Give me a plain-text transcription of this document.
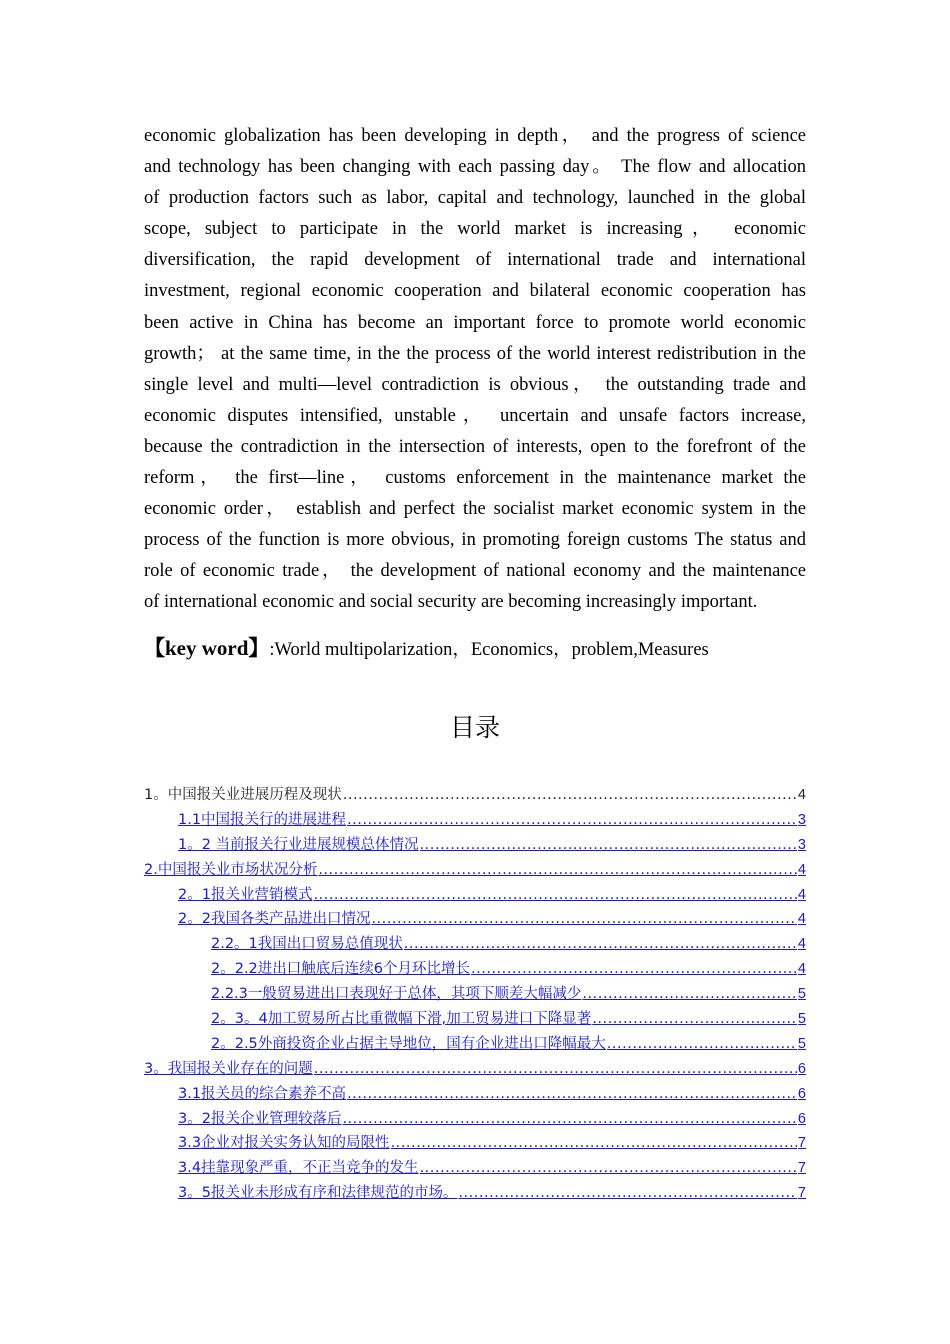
economic globalization has been developing in depth， and the progress of science
and technology has been changing with each passing day。 The flow and allocation
of production factors such as labor, capital and technology, launched in the global
scope, subject to participate in the world market is increasing， economic
diversification, the rapid development of international trade and international
investment, regional economic cooperation and bilateral economic cooperation has
been active in China has become an important force to promote world economic
growth； at the same time, in the the process of the world interest redistribution in the
single level and multi—level contradiction is obvious， the outstanding trade and
economic disputes intensified, unstable， uncertain and unsafe factors increase,
because the contradiction in the intersection of interests, open to the forefront of the
reform， the first—line， customs enforcement in the maintenance market the
economic order， establish and perfect the socialist market economic system in the
process of the function is more obvious, in promoting foreign customs The status and
role of economic trade， the development of national economy and the maintenance
of international economic and social security are becoming increasingly important.
【key word】:World multipolarization，Economics，problem,Measures
目录
1。中国报关业进展历程及现状 .....	4
1.1中国报关行的进展进程 .....	3
1。2 当前报关行业进展规模总体情况 .....	3
2.中国报关业市场状况分析 .....	4
2。1报关业营销模式 .....	4
2。2我国各类产品进出口情况 .....	4
2.2。1我国出口贸易总值现状 .....	4
2。2.2进出口触底后连续6个月环比增长 .....	4
2.2.3一般贸易进出口表现好于总体，其项下顺差大幅减少 .....	5
2。3。4加工贸易所占比重微幅下滑,加工贸易进口下降显著 .....	5
2。2.5外商投资企业占据主导地位，国有企业进出口降幅最大 .....	5
3。我国报关业存在的问题 .....	6
3.1报关员的综合素养不高 .....	6
3。2报关企业管理较落后 .....	6
3.3企业对报关实务认知的局限性 .....	7
3.4挂靠现象严重，不正当竞争的发生 .....	7
3。5报关业未形成有序和法律规范的市场。 .....	7
